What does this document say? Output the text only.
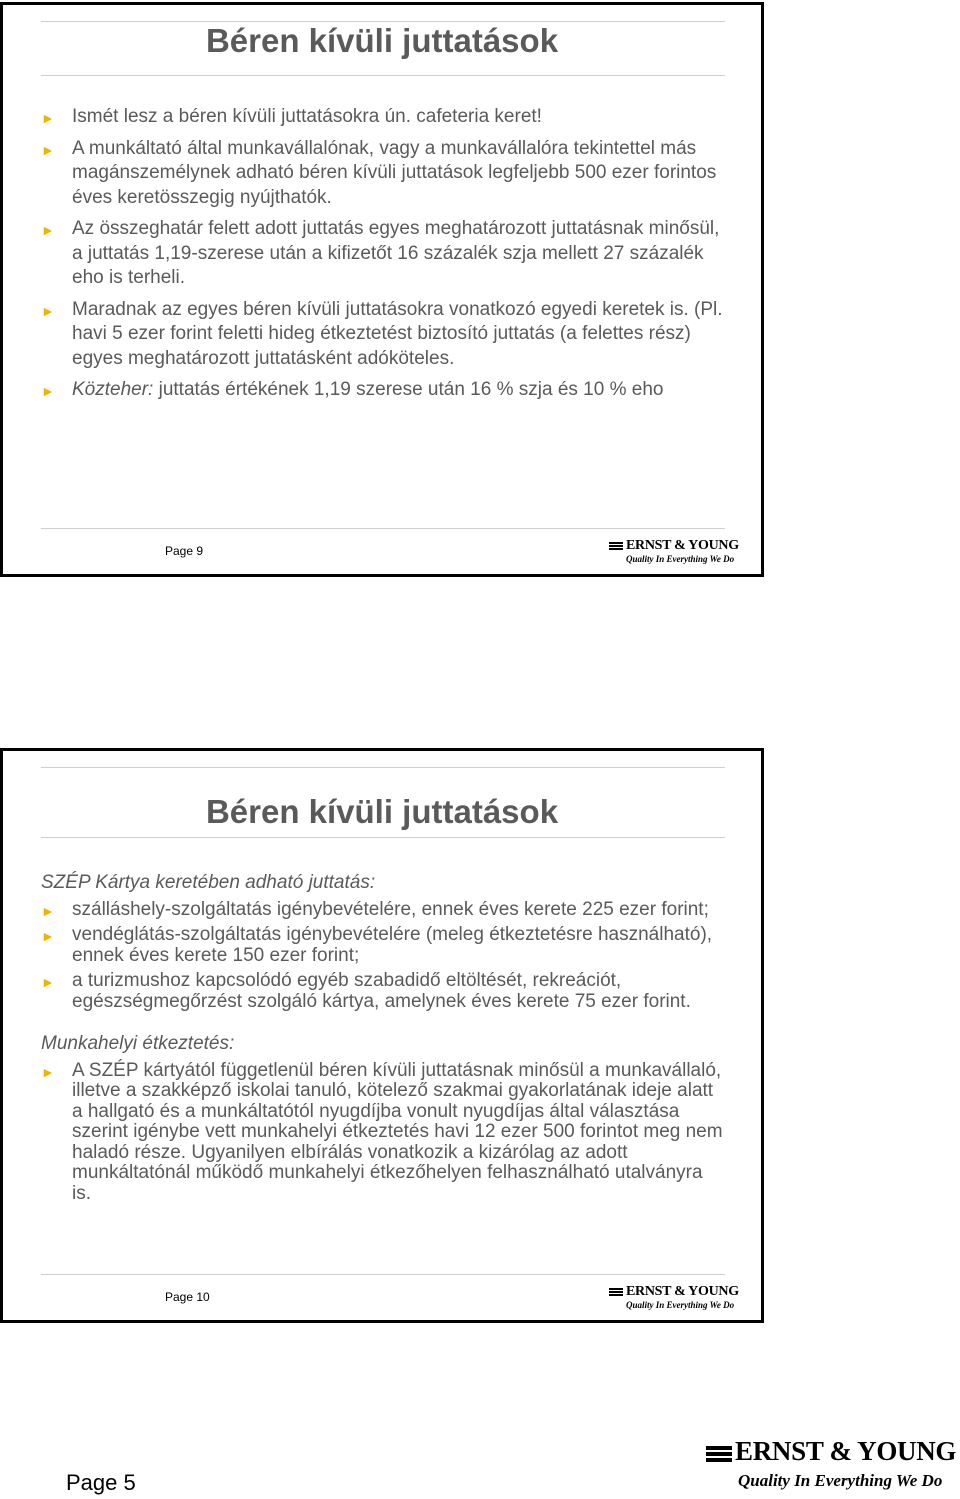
Béren kívüli juttatások
► Ismét lesz a béren kívüli juttatásokra ún. cafeteria keret!
► A munkáltató által munkavállalónak, vagy a munkavállalóra tekintettel más magánszemélynek adható béren kívüli juttatások legfeljebb 500 ezer forintos éves keretösszegig nyújthatók.
► Az összeghatár felett adott juttatás egyes meghatározott juttatásnak minősül, a juttatás 1,19-szerese után a kifizetőt 16 százalék szja mellett 27 százalék eho is terheli.
► Maradnak az egyes béren kívüli juttatásokra vonatkozó egyedi keretek is. (Pl. havi 5 ezer forint feletti hideg étkeztetést biztosító juttatás (a felettes rész) egyes meghatározott juttatásként adóköteles.
► Közteher: juttatás értékének 1,19 szerese után 16 % szja és 10 % eho
Page 9	ERNST & YOUNG
Quality In Everything We Do
Béren kívüli juttatások
SZÉP Kártya keretében adható juttatás:
► szálláshely-szolgáltatás igénybevételére, ennek éves kerete 225 ezer forint;
► vendéglátás-szolgáltatás igénybevételére (meleg étkeztetésre használható), ennek éves kerete 150 ezer forint;
► a turizmushoz kapcsolódó egyéb szabadidő eltöltését, rekreációt, egészségmegőrzést szolgáló kártya, amelynek éves kerete 75 ezer forint.
Munkahelyi étkeztetés:
► A SZÉP kártyától függetlenül béren kívüli juttatásnak minősül a munkavállaló, illetve a szakképző iskolai tanuló, kötelező szakmai gyakorlatának ideje alatt a hallgató és a munkáltatótól nyugdíjba vonult nyugdíjas által választása szerint igénybe vett munkahelyi étkeztetés havi 12 ezer 500 forintot meg nem haladó része. Ugyanilyen elbírálás vonatkozik a kizárólag az adott munkáltatónál működő munkahelyi étkezőhelyen felhasználható utalványra is.
Page 10	ERNST & YOUNG
Quality In Everything We Do
Page 5
ERNST & YOUNG
Quality In Everything We Do
